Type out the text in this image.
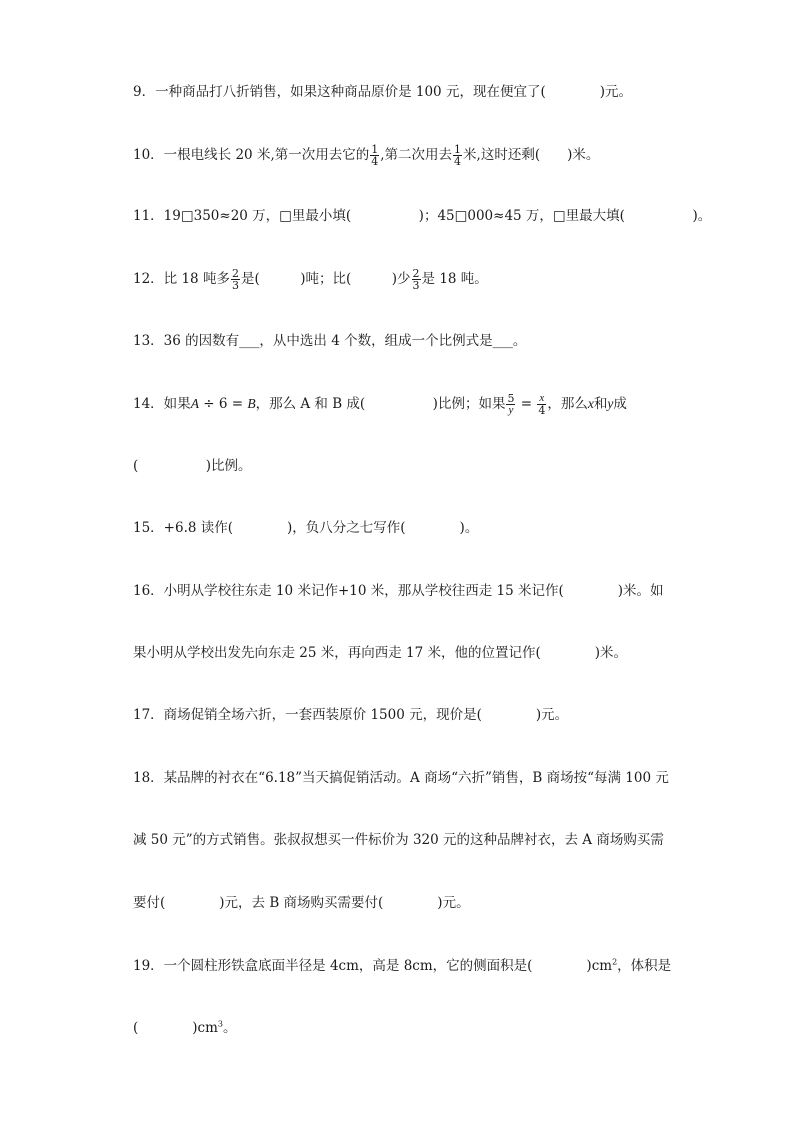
9．一种商品打八折销售，如果这种商品原价是 100 元，现在便宜了(　　　　)元。
10．一根电线长 20 米,第一次用去它的 $\frac{1}{4}$ ,第二次用去 $\frac{1}{4}$ 米,这时还剩(　　)米。
11．19□350≈20 万，□里最小填(　　　　　)；45□000≈45 万，□里最大填(　　　　　)。
12．比 18 吨多 $\frac{2}{3}$ 是(　　　)吨；比(　　　)少 $\frac{2}{3}$ 是 18 吨。
13．36 的因数有___，从中选出 4 个数，组成一个比例式是___。
14．如果A ÷ 6 = B，那么 A 和 B 成(　　　　　)比例；如果 $\frac{5}{y} = \frac{x}{4}$ ，那么x和y成
(　　　　　)比例。
15．+6.8 读作(　　　　)，负八分之七写作(　　　　)。
16．小明从学校往东走 10 米记作+10 米，那从学校往西走 15 米记作(　　　　)米。如
果小明从学校出发先向东走 25 米，再向西走 17 米，他的位置记作(　　　　)米。
17．商场促销全场六折，一套西装原价 1500 元，现价是(　　　　)元。
18．某品牌的衬衣在“6.18”当天搞促销活动。A 商场“六折”销售，B 商场按“每满 100 元
减 50 元”的方式销售。张叔叔想买一件标价为 320 元的这种品牌衬衣，去 A 商场购买需
要付(　　　　)元，去 B 商场购买需要付(　　　　)元。
19．一个圆柱形铁盒底面半径是 4cm，高是 8cm，它的侧面积是(　　　　)$cm^2$，体积是
(　　　　)$cm^3$。
